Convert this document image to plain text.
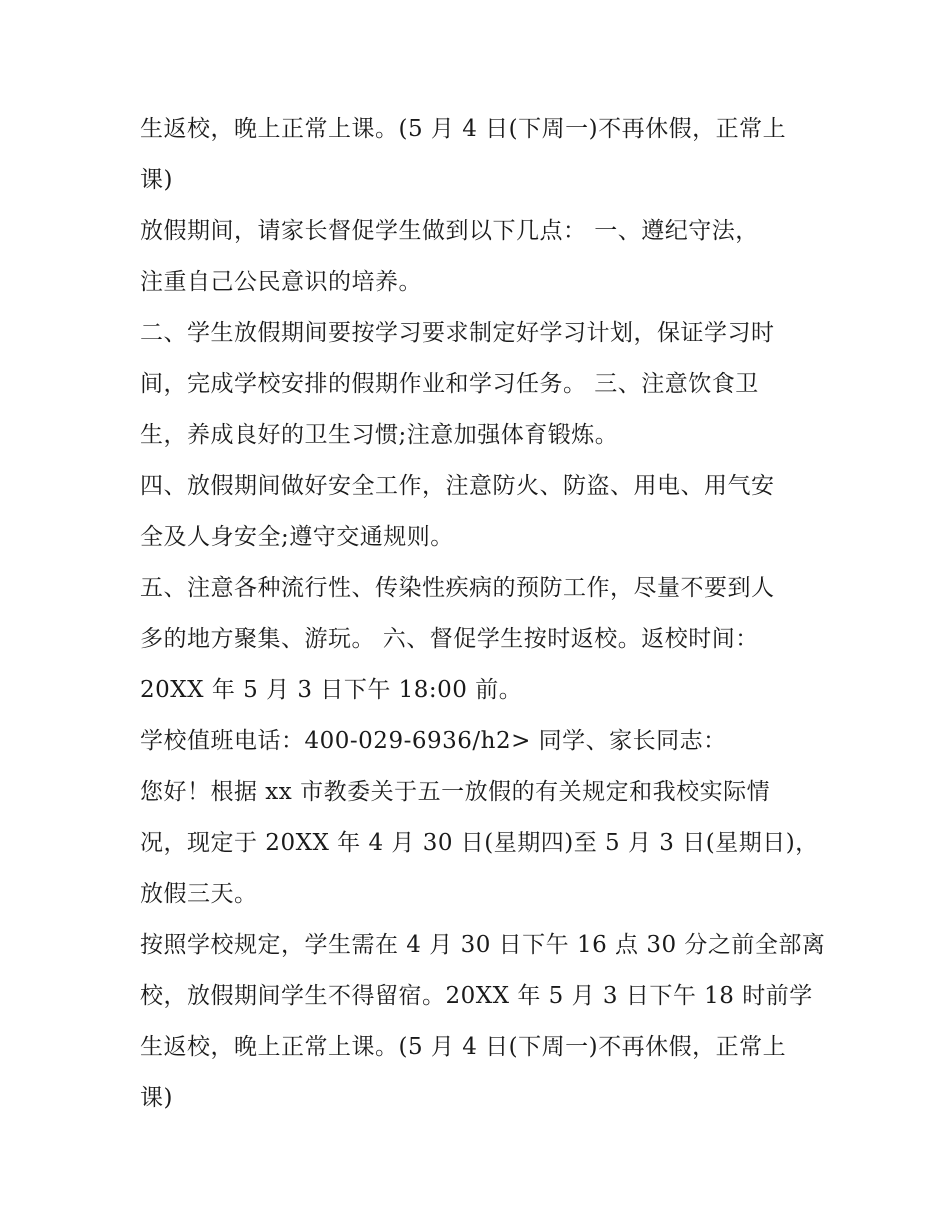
生返校，晚上正常上课。(5 月 4 日(下周一)不再休假，正常上
课)
放假期间，请家长督促学生做到以下几点： 一、遵纪守法，
注重自己公民意识的培养。
二、学生放假期间要按学习要求制定好学习计划，保证学习时
间，完成学校安排的假期作业和学习任务。 三、注意饮食卫
生，养成良好的卫生习惯;注意加强体育锻炼。
四、放假期间做好安全工作，注意防火、防盗、用电、用气安
全及人身安全;遵守交通规则。
五、注意各种流行性、传染性疾病的预防工作，尽量不要到人
多的地方聚集、游玩。 六、督促学生按时返校。返校时间：
20XX 年 5 月 3 日下午 18:00 前。
学校值班电话：400-029-6936/h2> 同学、家长同志：
您好！根据 xx 市教委关于五一放假的有关规定和我校实际情
况，现定于 20XX 年 4 月 30 日(星期四)至 5 月 3 日(星期日)，
放假三天。
按照学校规定，学生需在 4 月 30 日下午 16 点 30 分之前全部离
校，放假期间学生不得留宿。20XX 年 5 月 3 日下午 18 时前学
生返校，晚上正常上课。(5 月 4 日(下周一)不再休假，正常上
课)
